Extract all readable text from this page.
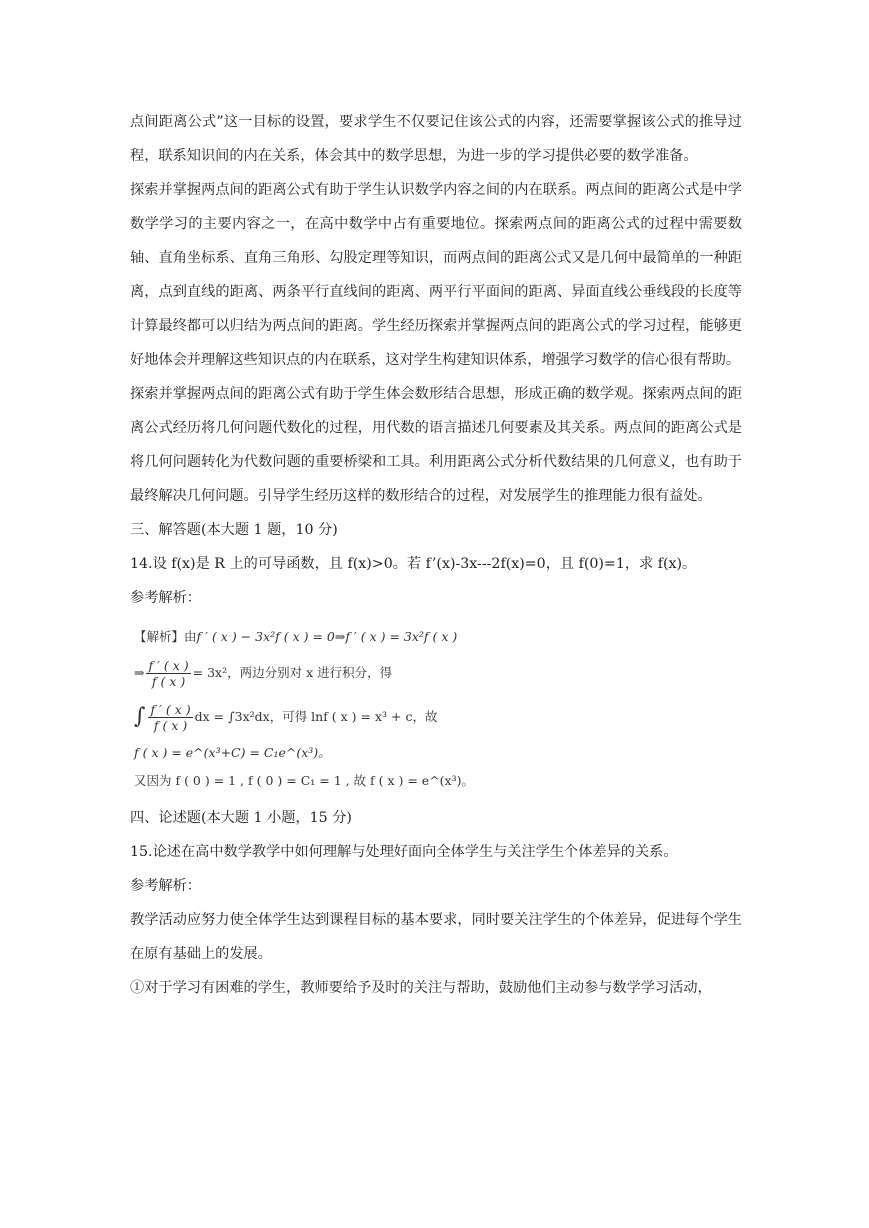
点间距离公式”这一目标的设置，要求学生不仅要记住该公式的内容，还需要掌握该公式的推导过程，联系知识间的内在关系，体会其中的数学思想，为进一步的学习提供必要的数学准备。

探索并掌握两点间的距离公式有助于学生认识数学内容之间的内在联系。两点间的距离公式是中学数学学习的主要内容之一，在高中数学中占有重要地位。探索两点间的距离公式的过程中需要数轴、直角坐标系、直角三角形、勾股定理等知识，而两点间的距离公式又是几何中最简单的一种距离，点到直线的距离、两条平行直线间的距离、两平行平面间的距离、异面直线公垂线段的长度等计算最终都可以归结为两点间的距离。学生经历探索并掌握两点间的距离公式的学习过程，能够更好地体会并理解这些知识点的内在联系，这对学生构建知识体系，增强学习数学的信心很有帮助。

探索并掌握两点间的距离公式有助于学生体会数形结合思想，形成正确的数学观。探索两点间的距离公式经历将几何问题代数化的过程，用代数的语言描述几何要素及其关系。两点间的距离公式是将几何问题转化为代数问题的重要桥梁和工具。利用距离公式分析代数结果的几何意义，也有助于最终解决几何问题。引导学生经历这样的数形结合的过程，对发展学生的推理能力很有益处。

三、解答题(本大题 1 题，10 分)

14.设 f(x)是 R 上的可导函数，且 f(x)>0。若 f’(x)-3x---2f(x)=0，且 f(0)=1，求 f(x)。

参考解析：

【解析】 由 f ′ ( x ) − 3x²f ( x ) = 0⇒f ′ ( x ) = 3x²f ( x )
⇒ $\frac{f ' ( x )}{f ( x )} = 3x^2$，两边分别对 x 进行积分，得
∫ $\frac{f ' ( x )}{f ( x )}$ dx = ∫3x²dx，可得 lnf ( x ) = x³ + c，故
f ( x ) = e^(x³+C) = C₁e^(x³)。
又因为 f ( 0 ) = 1 , f ( 0 ) = C₁ = 1 , 故 f ( x ) = e^(x³)。

四、论述题(本大题 1 小题，15 分)

15.论述在高中数学教学中如何理解与处理好面向全体学生与关注学生个体差异的关系。

参考解析：

教学活动应努力使全体学生达到课程目标的基本要求，同时要关注学生的个体差异，促进每个学生在原有基础上的发展。

①对于学习有困难的学生，教师要给予及时的关注与帮助，鼓励他们主动参与数学学习活动，
